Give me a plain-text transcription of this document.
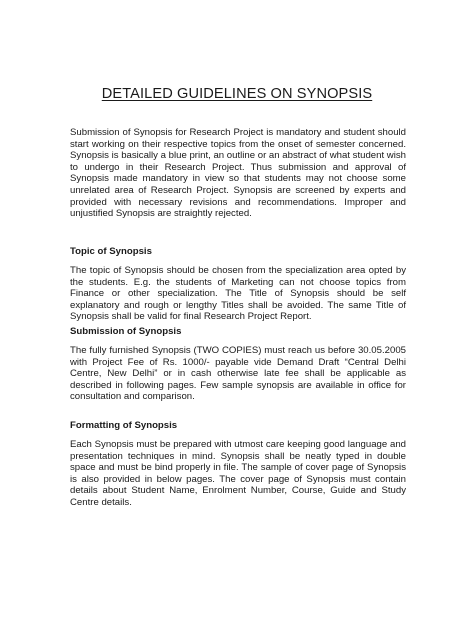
DETAILED GUIDELINES ON SYNOPSIS

Submission of Synopsis for Research Project is mandatory and student should start working on their respective topics from the onset of semester concerned. Synopsis is basically a blue print, an outline or an abstract of what student wish to undergo in their Research Project. Thus submission and approval of Synopsis made mandatory in view so that students may not choose some unrelated area of Research Project. Synopsis are screened by experts and provided with necessary revisions and recommendations. Improper and unjustified Synopsis are straightly rejected.

Topic of Synopsis

The topic of Synopsis should be chosen from the specialization area opted by the students. E.g. the students of Marketing can not choose topics from Finance or other specialization. The Title of Synopsis should be self explanatory and rough or lengthy Titles shall be avoided. The same Title of Synopsis shall be valid for final Research Project Report.

Submission of Synopsis

The fully furnished Synopsis (TWO COPIES) must reach us before 30.05.2005 with Project Fee of Rs. 1000/- payable vide Demand Draft “Central Delhi Centre, New Delhi” or in cash otherwise late fee shall be applicable as described in following pages. Few sample synopsis are available in office for consultation and comparison.

Formatting of Synopsis

Each Synopsis must be prepared with utmost care keeping good language and presentation techniques in mind. Synopsis shall be neatly typed in double space and must be bind properly in file. The sample of cover page of Synopsis is also provided in below pages. The cover page of Synopsis must contain details about Student Name, Enrolment Number, Course, Guide and Study Centre details.
